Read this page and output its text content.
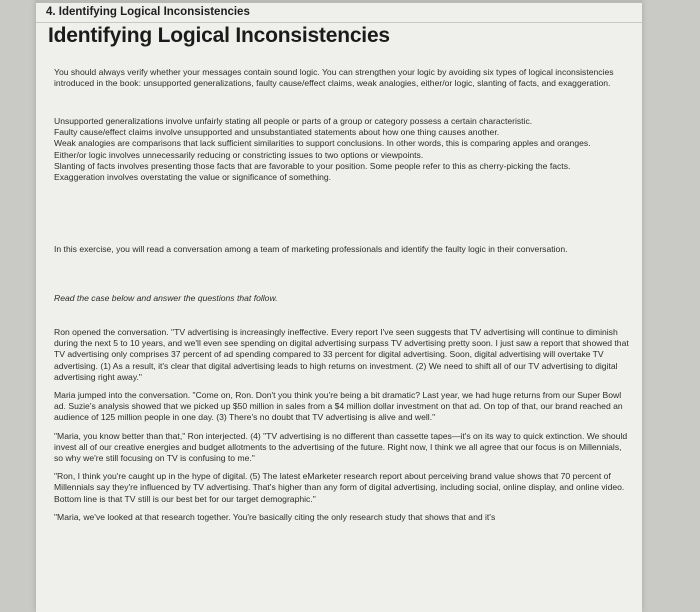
4. Identifying Logical Inconsistencies
Identifying Logical Inconsistencies

You should always verify whether your messages contain sound logic. You can strengthen your logic by avoiding six types of logical inconsistencies introduced in the book: unsupported generalizations, faulty cause/effect claims, weak analogies, either/or logic, slanting of facts, and exaggeration.

Unsupported generalizations involve unfairly stating all people or parts of a group or category possess a certain characteristic.

Faulty cause/effect claims involve unsupported and unsubstantiated statements about how one thing causes another.

Weak analogies are comparisons that lack sufficient similarities to support conclusions. In other words, this is comparing apples and oranges.

Either/or logic involves unnecessarily reducing or constricting issues to two options or viewpoints.

Slanting of facts involves presenting those facts that are favorable to your position. Some people refer to this as cherry-picking the facts.

Exaggeration involves overstating the value or significance of something.

In this exercise, you will read a conversation among a team of marketing professionals and identify the faulty logic in their conversation.

Read the case below and answer the questions that follow.

Ron opened the conversation. "TV advertising is increasingly ineffective. Every report I've seen suggests that TV advertising will continue to diminish during the next 5 to 10 years, and we'll even see spending on digital advertising surpass TV advertising pretty soon. I just saw a report that showed that TV advertising only comprises 37 percent of ad spending compared to 33 percent for digital advertising. Soon, digital advertising will overtake TV advertising. (1) As a result, it's clear that digital advertising leads to high returns on investment. (2) We need to shift all of our TV advertising to digital advertising right away."

Maria jumped into the conversation. "Come on, Ron. Don't you think you're being a bit dramatic? Last year, we had huge returns from our Super Bowl ad. Suzie's analysis showed that we picked up $50 million in sales from a $4 million dollar investment on that ad. On top of that, our brand reached an audience of 125 million people in one day. (3) There's no doubt that TV advertising is alive and well."

"Maria, you know better than that," Ron interjected. (4) "TV advertising is no different than cassette tapes—it's on its way to quick extinction. We should invest all of our creative energies and budget allotments to the advertising of the future. Right now, I think we all agree that our focus is on Millennials, so why we're still focusing on TV is confusing to me."

"Ron, I think you're caught up in the hype of digital. (5) The latest eMarketer research report about perceiving brand value shows that 70 percent of Millennials say they're influenced by TV advertising. That's higher than any form of digital advertising, including social, online display, and online video. Bottom line is that TV still is our best bet for our target demographic."

"Maria, we've looked at that research together. You're basically citing the only research study that shows that and it's
